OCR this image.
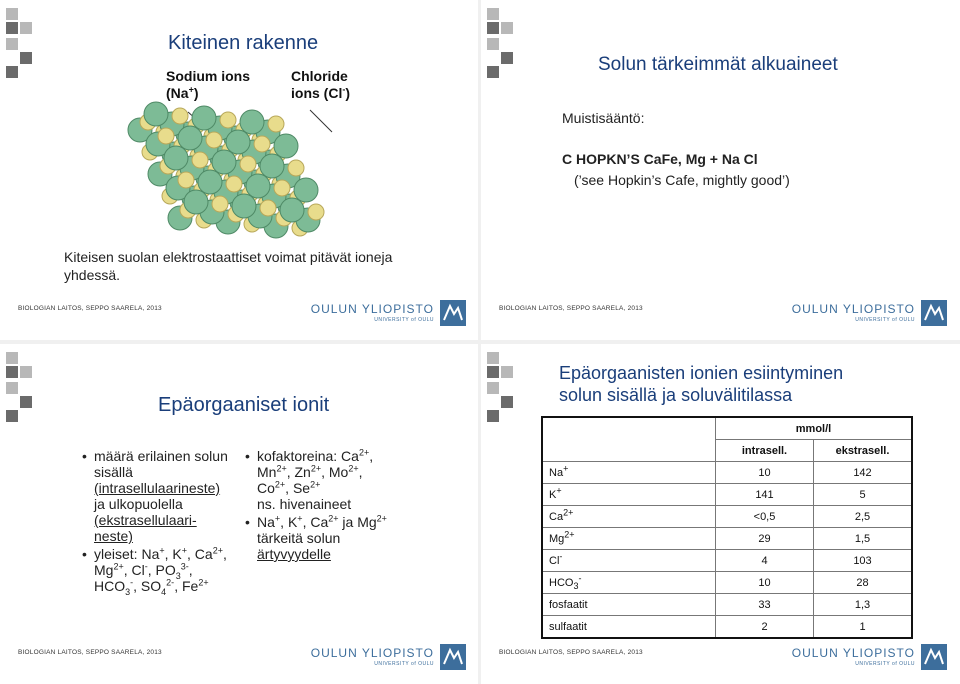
Kiteinen rakenne
Sodium ions
(Na+)
Chloride
ions (Cl-)
Kiteisen suolan elektrostaattiset voimat pitävät ioneja yhdessä.
BIOLOGIAN LAITOS, SEPPO SAARELA, 2013	OULUN YLIOPISTO
UNIVERSITY of OULU
Solun tärkeimmät alkuaineet
Muistisääntö:
C HOPKN’S CaFe, Mg + Na Cl
(’see Hopkin’s Cafe, mightly good’)
BIOLOGIAN LAITOS, SEPPO SAARELA, 2013	OULUN YLIOPISTO
UNIVERSITY of OULU
Epäorgaaniset ionit
• määrä erilainen solun sisällä
(intrasellulaarineste)
ja ulkopuolella
(ekstrasellulaari-
neste)
• yleiset: Na+, K+, $Ca^{2+}$,
$Mg^{2+}$, Cl-, $PO_3^{3-}$,
$HCO_3^-$, $SO_4^{2-}$, $Fe^{2+}$
• kofaktoreina: $Ca^{2+}$,
$Mn^{2+}$, $Zn^{2+}$, $Mo^{2+}$,
$Co^{2+}$, $Se^{2+}$
ns. hivenaineet
• Na+, K+, $Ca^{2+}$ ja $Mg^{2+}$
tärkeitä solun
ärtyvyydelle
BIOLOGIAN LAITOS, SEPPO SAARELA, 2013	OULUN YLIOPISTO
UNIVERSITY of OULU
Epäorgaanisten ionien esiintyminen
solun sisällä ja soluvälitilassa
	mmol/l	
	intrasell.	ekstrasell.
Na+	10	142
K+	141	5
$Ca^{2+}$	<0,5	2,5
$Mg^{2+}$	29	1,5
Cl-	4	103
$HCO_3^-$	10	28
fosfaatit	33	1,3
sulfaatit	2	1
BIOLOGIAN LAITOS, SEPPO SAARELA, 2013	OULUN YLIOPISTO
UNIVERSITY of OULU
